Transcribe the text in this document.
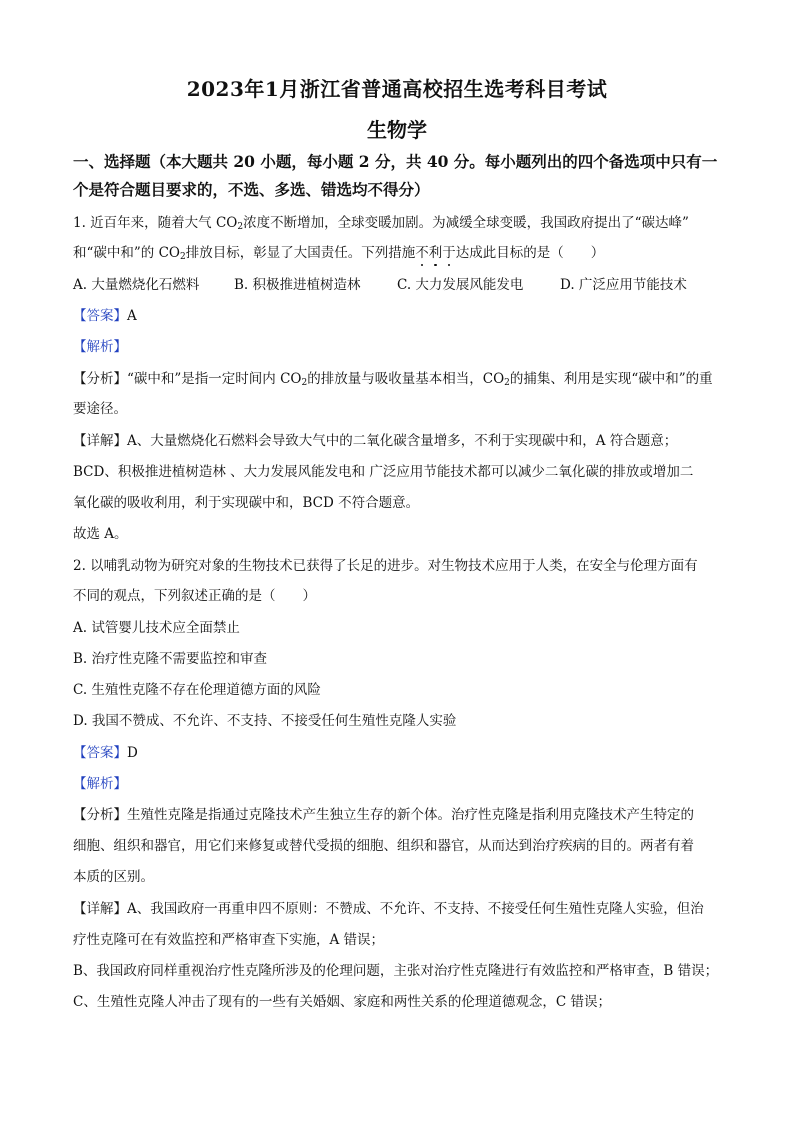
2023年1月浙江省普通高校招生选考科目考试
生物学
一、选择题（本大题共 20 小题，每小题 2 分，共 40 分。每小题列出的四个备选项中只有一
个是符合题目要求的，不选、多选、错选均不得分）
1. 近百年来，随着大气 $CO_2$浓度不断增加，全球变暖加剧。为减缓全球变暖，我国政府提出了“碳达峰”
和“碳中和”的 $CO_2$排放目标，彰显了大国责任。下列措施不利于达成此目标的是（　　）
A. 大量燃烧化石燃料	B. 积极推进植树造林	C. 大力发展风能发电	D. 广泛应用节能技术
【答案】A
【解析】
【分析】“碳中和”是指一定时间内 $CO_2$的排放量与吸收量基本相当，$CO_2$的捕集、利用是实现“碳中和”的重
要途径。
【详解】A、大量燃烧化石燃料会导致大气中的二氧化碳含量增多，不利于实现碳中和，A 符合题意；
BCD、积极推进植树造林 、大力发展风能发电和 广泛应用节能技术都可以减少二氧化碳的排放或增加二
氧化碳的吸收利用，利于实现碳中和，BCD 不符合题意。
故选 A。
2. 以哺乳动物为研究对象的生物技术已获得了长足的进步。对生物技术应用于人类，在安全与伦理方面有
不同的观点，下列叙述正确的是（　　）
A. 试管婴儿技术应全面禁止
B. 治疗性克隆不需要监控和审查
C. 生殖性克隆不存在伦理道德方面的风险
D. 我国不赞成、不允许、不支持、不接受任何生殖性克隆人实验
【答案】D
【解析】
【分析】生殖性克隆是指通过克隆技术产生独立生存的新个体。治疗性克隆是指利用克隆技术产生特定的
细胞、组织和器官，用它们来修复或替代受损的细胞、组织和器官，从而达到治疗疾病的目的。两者有着
本质的区别。
【详解】A、我国政府一再重申四不原则：不赞成、不允许、不支持、不接受任何生殖性克隆人实验，但治
疗性克隆可在有效监控和严格审查下实施，A 错误；
B、我国政府同样重视治疗性克隆所涉及的伦理问题，主张对治疗性克隆进行有效监控和严格审查，B 错误；
C、生殖性克隆人冲击了现有的一些有关婚姻、家庭和两性关系的伦理道德观念，C 错误；
